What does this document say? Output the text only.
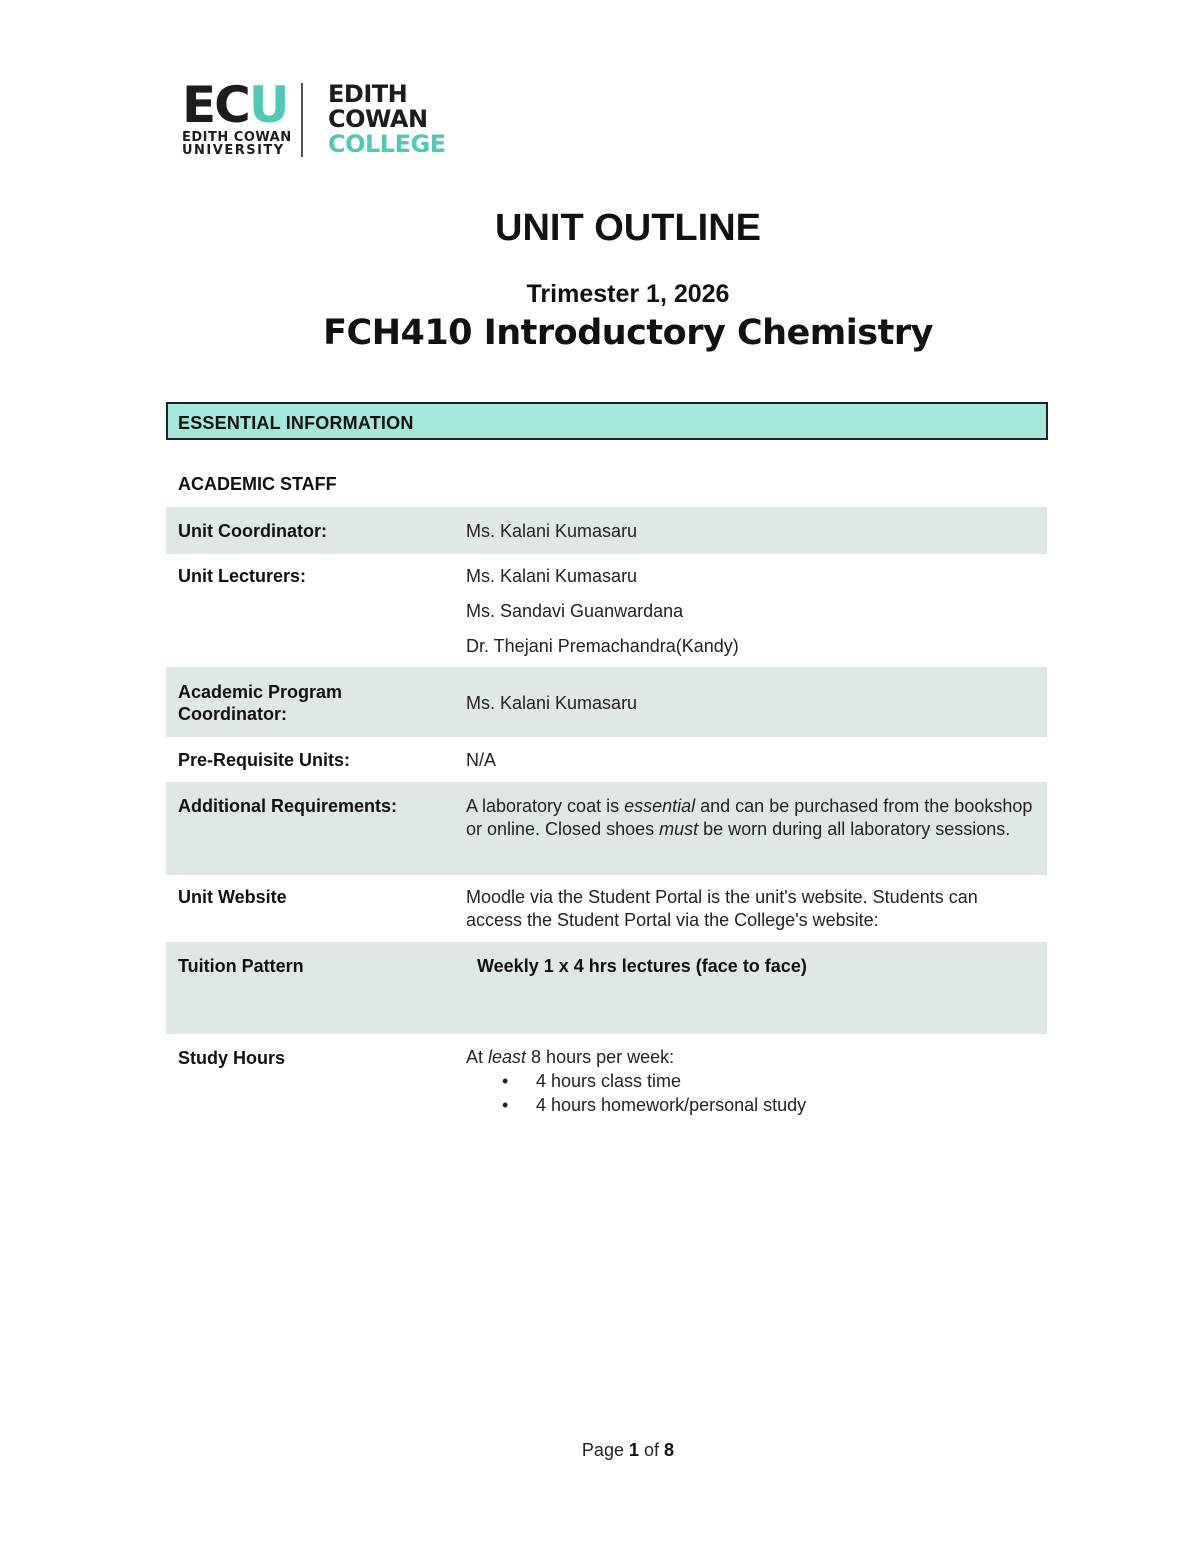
ECU
EDITH COWAN
UNIVERSITY
EDITH
COWAN
COLLEGE
UNIT OUTLINE
Trimester 1, 2026
FCH410 Introductory Chemistry
ESSENTIAL INFORMATION
ACADEMIC STAFF
Unit Coordinator:	Ms. Kalani Kumasaru
Unit Lecturers:	Ms. Kalani Kumasaru

Ms. Sandavi Guanwardana

Dr. Thejani Premachandra(Kandy)

Academic Program
Coordinator:
Ms. Kalani Kumasaru
Pre-Requisite Units:	N/A
Additional Requirements:	A laboratory coat is essential and can be purchased from the bookshop or online. Closed shoes must be worn during all laboratory sessions.
Unit Website	Moodle via the Student Portal is the unit's website. Students can access the Student Portal via the College's website:
Tuition Pattern	Weekly 1 x 4 hrs lectures (face to face)
Study Hours	At least 8 hours per week:

• 4 hours class time
• 4 hours homework/personal study
Page 1 of 8
